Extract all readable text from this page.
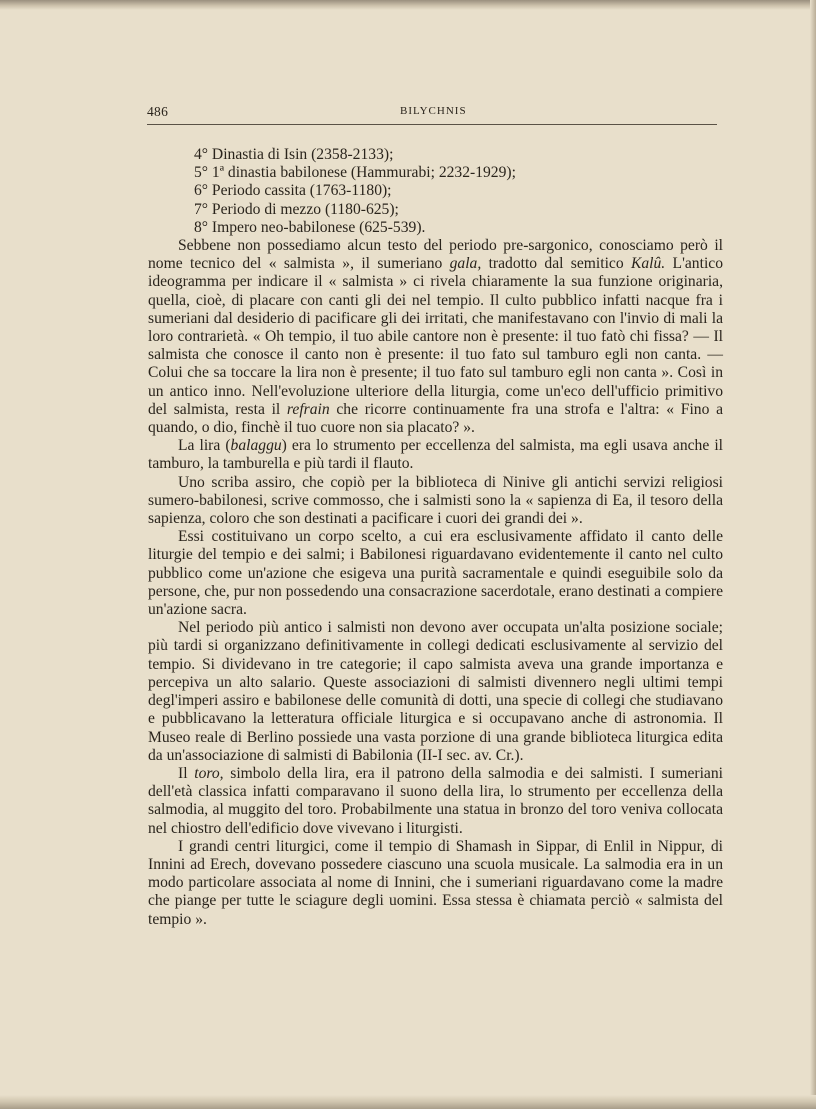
486	BILYCHNIS
4° Dinastia di Isin (2358-2133);
5° 1ª dinastia babilonese (Hammurabi; 2232-1929);
6° Periodo cassita (1763-1180);
7° Periodo di mezzo (1180-625);
8° Impero neo-babilonese (625-539).

Sebbene non possediamo alcun testo del periodo pre-sargonico, conosciamo però il nome tecnico del « salmista », il sumeriano gala, tradotto dal semitico Kalû. L'antico ideogramma per indicare il « salmista » ci rivela chiaramente la sua funzione originaria, quella, cioè, di placare con canti gli dei nel tempio. Il culto pubblico infatti nacque fra i sumeriani dal desiderio di pacificare gli dei irritati, che manifestavano con l'invio di mali la loro contrarietà. « Oh tempio, il tuo abile cantore non è presente: il tuo fatò chi fissa? — Il salmista che conosce il canto non è presente: il tuo fato sul tamburo egli non canta. — Colui che sa toccare la lira non è presente; il tuo fato sul tamburo egli non canta ». Così in un antico inno. Nell'evoluzione ulteriore della liturgia, come un'eco dell'ufficio primitivo del salmista, resta il refrain che ricorre continuamente fra una strofa e l'altra: « Fino a quando, o dio, finchè il tuo cuore non sia placato? ».

La lira (balaggu) era lo strumento per eccellenza del salmista, ma egli usava anche il tamburo, la tamburella e più tardi il flauto.

Uno scriba assiro, che copiò per la biblioteca di Ninive gli antichi servizi religiosi sumero-babilonesi, scrive commosso, che i salmisti sono la « sapienza di Ea, il tesoro della sapienza, coloro che son destinati a pacificare i cuori dei grandi dei ».

Essi costituivano un corpo scelto, a cui era esclusivamente affidato il canto delle liturgie del tempio e dei salmi; i Babilonesi riguardavano evidentemente il canto nel culto pubblico come un'azione che esigeva una purità sacramentale e quindi eseguibile solo da persone, che, pur non possedendo una consacrazione sacerdotale, erano destinati a compiere un'azione sacra.

Nel periodo più antico i salmisti non devono aver occupata un'alta posizione sociale; più tardi si organizzano definitivamente in collegi dedicati esclusivamente al servizio del tempio. Si dividevano in tre categorie; il capo salmista aveva una grande importanza e percepiva un alto salario. Queste associazioni di salmisti divennero negli ultimi tempi degl'imperi assiro e babilonese delle comunità di dotti, una specie di collegi che studiavano e pubblicavano la letteratura officiale liturgica e si occupavano anche di astronomia. Il Museo reale di Berlino possiede una vasta porzione di una grande biblioteca liturgica edita da un'associazione di salmisti di Babilonia (II-I sec. av. Cr.).

Il toro, simbolo della lira, era il patrono della salmodia e dei salmisti. I sumeriani dell'età classica infatti comparavano il suono della lira, lo strumento per eccellenza della salmodia, al muggito del toro. Probabilmente una statua in bronzo del toro veniva collocata nel chiostro dell'edificio dove vivevano i liturgisti.

I grandi centri liturgici, come il tempio di Shamash in Sippar, di Enlil in Nippur, di Innini ad Erech, dovevano possedere ciascuno una scuola musicale. La salmodia era in un modo particolare associata al nome di Innini, che i sumeriani riguardavano come la madre che piange per tutte le sciagure degli uomini. Essa stessa è chiamata perciò « salmista del tempio ».
